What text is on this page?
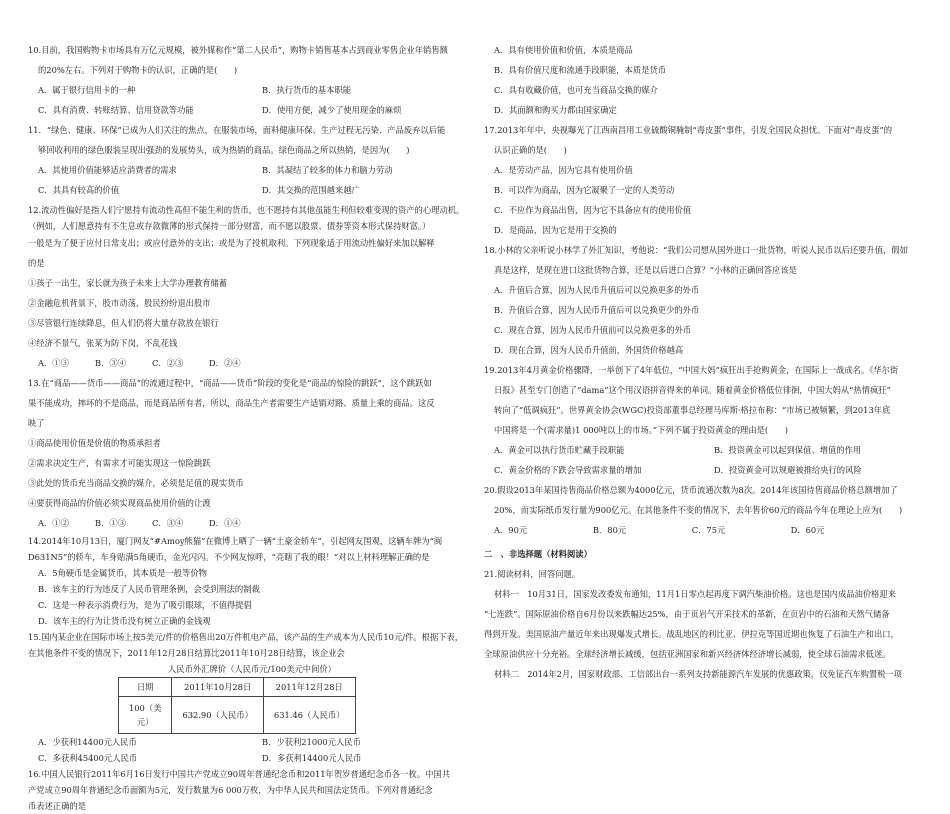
10.目前，我国购物卡市场具有万亿元规模，被外媒称作“第二人民币”，购物卡销售基本占到商业零售企业年销售额
的20%左右。下列对于购物卡的认识，正确的是(　　)
A．属于银行信用卡的一种	B．执行货币的基本职能
C．具有消费、转账结算、信用贷款等功能	D．使用方便，减少了使用现金的麻烦
11．“绿色、健康、环保”已成为人们关注的焦点，在服装市场，面料健康环保、生产过程无污染、产品废弃以后能
够回收利用的绿色服装呈现出强劲的发展势头，成为热销的商品。绿色商品之所以热销，是因为(　　)
A．其使用价值能够适应消费者的需求	B．其凝结了较多的体力和脑力劳动
C．其具有较高的价值	D．其交换的范围越来越广
12.流动性偏好是指人们宁愿持有流动性高但不能生利的货币，也不愿持有其他虽能生利但较难变现的资产的心理动机。
（例如，人们愿意持有不生息或存款微薄的形式保持一部分财富，而不愿以股票、债券等资本形式保持财富。）
一般是为了便于应付日常支出；或应付意外的支出；或是为了投机取利。下列现象适于用流动性偏好来加以解释
的是
①孩子一出生，家长就为孩子未来上大学办理教育储蓄
②金融危机背景下，股市动荡，股民纷纷退出股市
③尽管银行连续降息，但人们仍将大量存款放在银行
④经济不景气，张某为防下岗，不乱花钱
A．①③	B．③④	C．②③	D．②④
13.在“商品——货币——商品”的流通过程中，“商品——货币”阶段的变化是“商品的惊险的跳跃”，这个跳跃如
果不能成功，摔坏的不是商品，而是商品所有者，所以，商品生产者需要生产适销对路、质量上乘的商品。这反
映了
①商品使用价值是价值的物质承担者
②需求决定生产，有需求才可能实现这一惊险跳跃
③此处的货币充当商品交换的媒介，必须是足值的现实货币
④要获得商品的价值必须实现商品使用价值的让渡
A．①②	B．①③	C．③④	D．①④
14.2014年10月13日，厦门网友“#Amoy熊猫”在微博上晒了一辆“土豪金轿车”，引起网友围观，这辆车牌为“闽
D631N5”的轿车，车身贴满5角硬币，金光闪闪。不少网友惊呼，“亮瞎了我的眼！”对以上材料理解正确的是
A．5角硬币是金属货币，其本质是一般等价物
B．该车主的行为违反了人民币管理条例，会受到刑法的制裁
C．这是一种表示消费行为，是为了吸引眼球，不值得提倡
D．该车主的行为让货币没有树立正确的金钱观
15.国内某企业在国际市场上按5美元/件的价格售出20万件机电产品，该产品的生产成本为人民币10元/件。根据下表，
在其他条件不变的情况下，2011年12月28日结算比2011年10月28日结算，该企业会
人民币外汇牌价（人民币元/100美元中间价）
日期	2011年10月28日	2011年12月28日

100（美
元）	632.90（人民币）	631.46（人民币）
A．少获利14400元人民币	B．少获利21000元人民币
C．多获利45400元人民币	D．多获利14400元人民币
16.中国人民银行2011年6月16日发行中国共产党成立90周年普通纪念币和2011年贺岁普通纪念币各一枚。中国共
产党成立90周年普通纪念币面额为5元，发行数量为6 000万枚，为中华人民共和国法定货币。下列对普通纪念
币表述正确的是
A．具有使用价值和价值，本质是商品
B．具有价值尺度和流通手段职能，本质是货币
C．具有收藏价值，也可充当商品交换的媒介
D．其面额和购买力都由国家确定
17.2013年年中，央视曝光了江西南昌用工业硫酸铜腌制“毒皮蛋”事件，引发全国民众担忧。下面对“毒皮蛋”的
认识正确的是(　　)
A．是劳动产品，因为它具有使用价值
B．可以作为商品，因为它凝聚了一定的人类劳动
C．不应作为商品出售，因为它不具备应有的使用价值
D．是商品，因为它是用于交换的
18.小林的父亲听说小林学了外汇知识，考他说：“我们公司想从国外进口一批货物，听说人民币以后还要升值，假如
真是这样，是现在进口这批货物合算，还是以后进口合算？”小林的正确回答应该是
A．升值后合算，因为人民币升值后可以兑换更多的外币
B．升值后合算，因为人民币升值后可以兑换更少的外币
C．现在合算，因为人民币升值前可以兑换更多的外币
D．现在合算，因为人民币升值前，外国货价格越高
19.2013年4月黄金价格骤降，一举创下了4年低位，“中国大妈”疯狂出手抢购黄金，在国际上一战成名。《华尔街
日报》甚至专门创造了“dama”这个用汉语拼音得来的单词。随着黄金价格低位徘徊，中国大妈从“热情疯狂”
转向了“低调疯狂”。世界黄金协会(WGC)投资部董事总经理马库斯·格拉布称：“市场已被频繁，到2013年底
中国将是一个(需求量)1 000吨以上的市场。”下列不属于投资黄金的理由是(　　)
A．黄金可以执行货币贮藏手段职能	B．投资黄金可以起到保值、增值的作用
C．黄金价格的下跌会导致需求量的增加	D．投资黄金可以规避被推给央行的风险
20.假设2013年某国待售商品价格总额为4000亿元，货币流通次数为8次。2014年该国待售商品价格总额增加了
20%，而实际纸币发行量为900亿元。在其他条件不变的情况下，去年售价60元的商品今年在理论上应为(　　)
A．90元	B．80元	C．75元	D．60元
二　、非选择题（材料阅读）
21.阅读材料，回答问题。
材料一　10月31日，国家发改委发布通知，11月1日零点起再度下调汽柴油价格。这也是国内成品油价格迎来
“七连跌”。国际原油价格自6月份以来跌幅达25%，由于页岩气开采技术的革新，在页岩中的石油和天然气储备
得到开发。美国原油产量近年来出现爆发式增长。战乱地区的利比亚、伊拉克等国近期也恢复了石油生产和出口，
全球原油供应十分充裕。全球经济增长减缓，包括亚洲国家和新兴经济体经济增长减弱，使全球石油需求低迷。
材料二　2014年2月，国家财政部、工信部出台一系列支持新能源汽车发展的优惠政策，仅免征汽车购置税一项
